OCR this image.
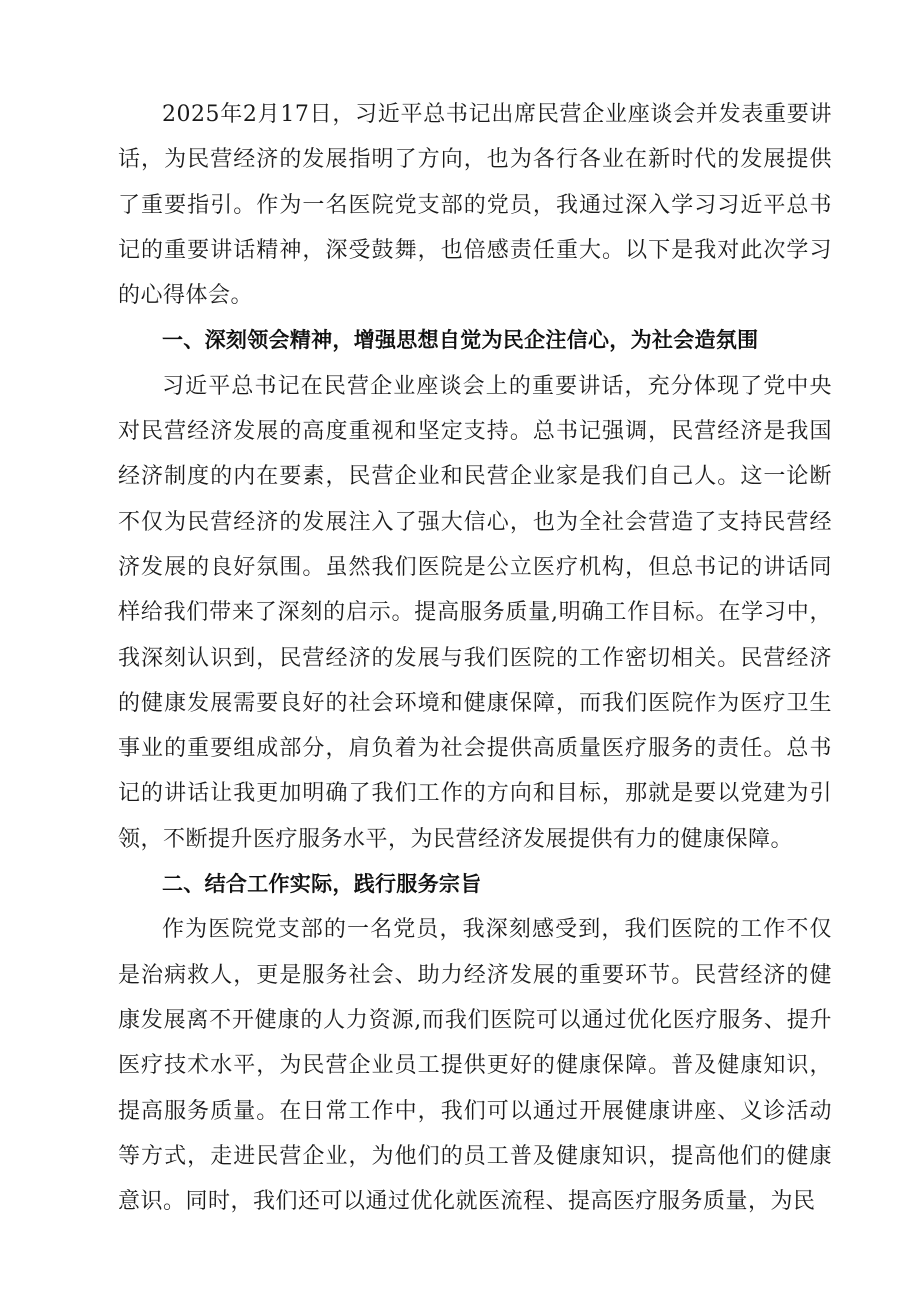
2025年2月17日，习近平总书记出席民营企业座谈会并发表重要讲话，为民营经济的发展指明了方向，也为各行各业在新时代的发展提供了重要指引。作为一名医院党支部的党员，我通过深入学习习近平总书记的重要讲话精神，深受鼓舞，也倍感责任重大。以下是我对此次学习的心得体会。

一、深刻领会精神，增强思想自觉为民企注信心，为社会造氛围

习近平总书记在民营企业座谈会上的重要讲话，充分体现了党中央对民营经济发展的高度重视和坚定支持。总书记强调，民营经济是我国经济制度的内在要素，民营企业和民营企业家是我们自己人。这一论断不仅为民营经济的发展注入了强大信心，也为全社会营造了支持民营经济发展的良好氛围。虽然我们医院是公立医疗机构，但总书记的讲话同样给我们带来了深刻的启示。提高服务质量,明确工作目标。在学习中，我深刻认识到，民营经济的发展与我们医院的工作密切相关。民营经济的健康发展需要良好的社会环境和健康保障，而我们医院作为医疗卫生事业的重要组成部分，肩负着为社会提供高质量医疗服务的责任。总书记的讲话让我更加明确了我们工作的方向和目标，那就是要以党建为引领，不断提升医疗服务水平，为民营经济发展提供有力的健康保障。

二、结合工作实际，践行服务宗旨

作为医院党支部的一名党员，我深刻感受到，我们医院的工作不仅是治病救人，更是服务社会、助力经济发展的重要环节。民营经济的健康发展离不开健康的人力资源,而我们医院可以通过优化医疗服务、提升医疗技术水平，为民营企业员工提供更好的健康保障。普及健康知识，提高服务质量。在日常工作中，我们可以通过开展健康讲座、义诊活动等方式，走进民营企业，为他们的员工普及健康知识，提高他们的健康意识。同时，我们还可以通过优化就医流程、提高医疗服务质量，为民
